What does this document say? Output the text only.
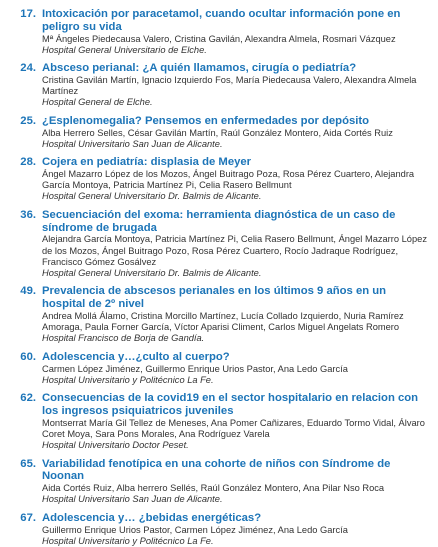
17. Intoxicación por paracetamol, cuando ocultar información pone en peligro su vida
Mª Ángeles Piedecausa Valero, Cristina Gavilán, Alexandra Almela, Rosmari Vázquez
Hospital General Universitario de Elche.
24. Absceso perianal: ¿A quién llamamos, cirugía o pediatría?
Cristina Gavilán Martín, Ignacio Izquierdo Fos, María Piedecausa Valero, Alexandra Almela Martínez
Hospital General de Elche.
25. ¿Esplenomegalia? Pensemos en enfermedades por depósito
Alba Herrero Selles, César Gavilán Martín, Raúl González Montero, Aida Cortés Ruiz
Hospital Universitario San Juan de Alicante.
28. Cojera en pediatría: displasia de Meyer
Ángel Mazarro López de los Mozos, Ángel Buitrago Poza, Rosa Pérez Cuartero, Alejandra García Montoya, Patricia Martínez Pi, Celia Rasero Bellmunt
Hospital General Universitario Dr. Balmis de Alicante.
36. Secuenciación del exoma: herramienta diagnóstica de un caso de síndrome de brugada
Alejandra García Montoya, Patricia Martínez Pi, Celia Rasero Bellmunt, Ángel Mazarro López de los Mozos, Ángel Buitrago Pozo, Rosa Pérez Cuartero, Rocío Jadraque Rodríguez, Francisco Gómez Gosálvez
Hospital General Universitario Dr. Balmis de Alicante.
49. Prevalencia de abscesos perianales en los últimos 9 años en un hospital de 2º nivel
Andrea Mollá Álamo, Cristina Morcillo Martínez, Lucía Collado Izquierdo, Nuria Ramírez Amoraga, Paula Forner García, Víctor Aparisi Climent, Carlos Miguel Angelats Romero
Hospital Francisco de Borja de Gandía.
60. Adolescencia y…¿culto al cuerpo?
Carmen López Jiménez, Guillermo Enrique Urios Pastor, Ana Ledo García
Hospital Universitario y Politécnico La Fe.
62. Consecuencias de la covid19 en el sector hospitalario en relacion con los ingresos psiquiatricos juveniles
Montserrat María Gil Tellez de Meneses, Ana Pomer Cañizares, Eduardo Tormo Vidal, Álvaro Coret Moya, Sara Pons Morales, Ana Rodríguez Varela
Hospital Universitario Doctor Peset.
65. Variabilidad fenotípica en una cohorte de niños con Síndrome de Noonan
Aida Cortés Ruiz, Alba herrero Sellés, Raúl González Montero, Ana Pilar Nso Roca
Hospital Universitario San Juan de Alicante.
67. Adolescencia y… ¿bebidas energéticas?
Guillermo Enrique Urios Pastor, Carmen López Jiménez, Ana Ledo García
Hospital Universitario y Politécnico La Fe.
